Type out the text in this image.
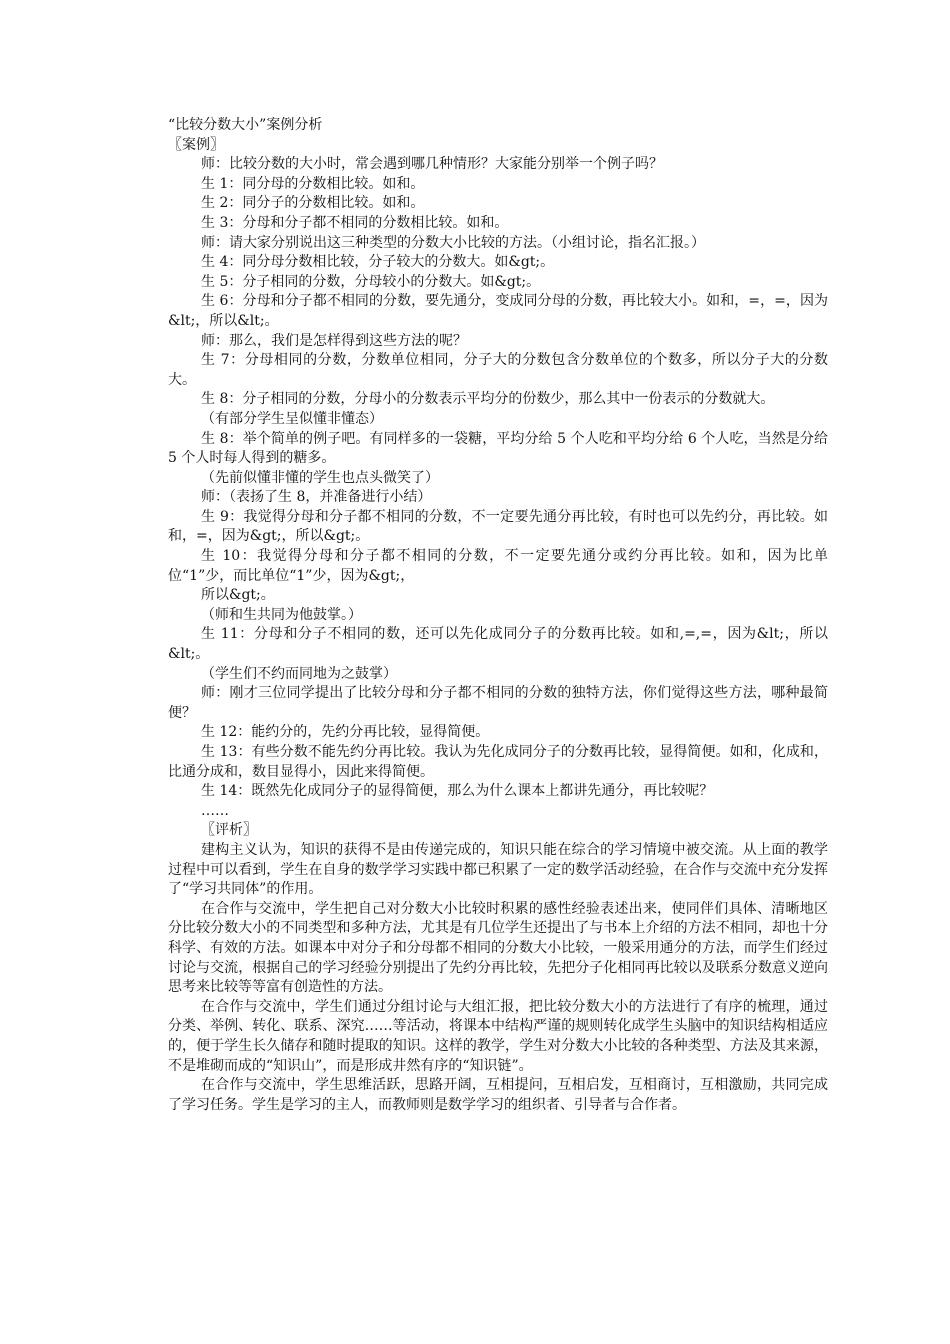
“比较分数大小”案例分析
〖案例〗
师：比较分数的大小时，常会遇到哪几种情形？大家能分别举一个例子吗？
生 1：同分母的分数相比较。如和。
生 2：同分子的分数相比较。如和。
生 3：分母和分子都不相同的分数相比较。如和。
师：请大家分别说出这三种类型的分数大小比较的方法。（小组讨论，指名汇报。）
生 4：同分母分数相比较，分子较大的分数大。如&gt;。
生 5：分子相同的分数，分母较小的分数大。如&gt;。

生 6：分母和分子都不相同的分数，要先通分，变成同分母的分数，再比较大小。如和，=，=，因为&lt;，所以&lt;。

师：那么，我们是怎样得到这些方法的呢？

生 7：分母相同的分数，分数单位相同，分子大的分数包含分数单位的个数多，所以分子大的分数大。

生 8：分子相同的分数，分母小的分数表示平均分的份数少，那么其中一份表示的分数就大。

（有部分学生呈似懂非懂态）

生 8：举个简单的例子吧。有同样多的一袋糖，平均分给 5 个人吃和平均分给 6 个人吃，当然是分给 5 个人时每人得到的糖多。

（先前似懂非懂的学生也点头微笑了）

师：（表扬了生 8，并准备进行小结）

生 9：我觉得分母和分子都不相同的分数，不一定要先通分再比较，有时也可以先约分，再比较。如和，=，因为&gt;，所以&gt;。

生 10：我觉得分母和分子都不相同的分数，不一定要先通分或约分再比较。如和，因为比单位“1”少，而比单位“1”少，因为&gt;，

所以&gt;。

（师和生共同为他鼓掌。）

生 11：分母和分子不相同的数，还可以先化成同分子的分数再比较。如和,=,=，因为&lt;，所以&lt;。

（学生们不约而同地为之鼓掌）

师：刚才三位同学提出了比较分母和分子都不相同的分数的独特方法，你们觉得这些方法，哪种最简便？

生 12：能约分的，先约分再比较，显得简便。

生 13：有些分数不能先约分再比较。我认为先化成同分子的分数再比较，显得简便。如和，化成和，比通分成和，数目显得小，因此来得简便。

生 14：既然先化成同分子的显得简便，那么为什么课本上都讲先通分，再比较呢？

……

〖评析〗

建构主义认为，知识的获得不是由传递完成的，知识只能在综合的学习情境中被交流。从上面的教学过程中可以看到，学生在自身的数学学习实践中都已积累了一定的数学活动经验，在合作与交流中充分发挥了“学习共同体”的作用。

在合作与交流中，学生把自己对分数大小比较时积累的感性经验表述出来，使同伴们具体、清晰地区分比较分数大小的不同类型和多种方法，尤其是有几位学生还提出了与书本上介绍的方法不相同，却也十分科学、有效的方法。如课本中对分子和分母都不相同的分数大小比较，一般采用通分的方法，而学生们经过讨论与交流，根据自己的学习经验分别提出了先约分再比较，先把分子化相同再比较以及联系分数意义逆向思考来比较等等富有创造性的方法。

在合作与交流中，学生们通过分组讨论与大组汇报，把比较分数大小的方法进行了有序的梳理，通过分类、举例、转化、联系、深究……等活动，将课本中结构严谨的规则转化成学生头脑中的知识结构相适应的，便于学生长久储存和随时提取的知识。这样的教学，学生对分数大小比较的各种类型、方法及其来源，不是堆砌而成的“知识山”，而是形成井然有序的“知识链”。

在合作与交流中，学生思维活跃，思路开阔，互相提问，互相启发，互相商讨，互相激励，共同完成了学习任务。学生是学习的主人，而教师则是数学学习的组织者、引导者与合作者。
